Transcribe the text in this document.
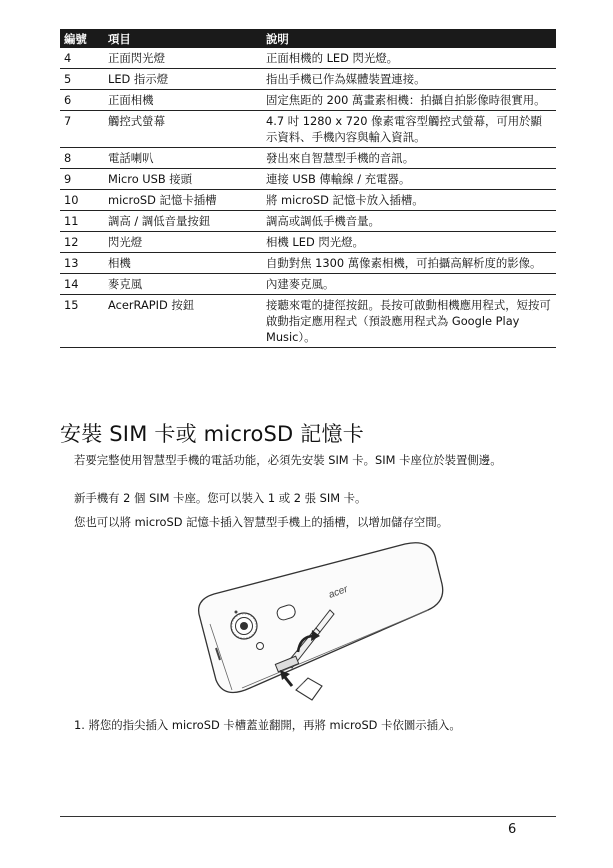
編號	項目	說明
4	正面閃光燈	正面相機的 LED 閃光燈。
5	LED 指示燈	指出手機已作為媒體裝置連接。
6	正面相機	固定焦距的 200 萬畫素相機：拍攝自拍影像時很實用。
7	觸控式螢幕	4.7 吋 1280 x 720 像素電容型觸控式螢幕，可用於顯示資料、手機內容與輸入資訊。
8	電話喇叭	發出來自智慧型手機的音訊。
9	Micro USB 接頭	連接 USB 傳輸線 / 充電器。
10	microSD 記憶卡插槽	將 microSD 記憶卡放入插槽。
11	調高 / 調低音量按鈕	調高或調低手機音量。
12	閃光燈	相機 LED 閃光燈。
13	相機	自動對焦 1300 萬像素相機，可拍攝高解析度的影像。
14	麥克風	內建麥克風。
15	AcerRAPID 按鈕	接聽來電的捷徑按鈕。長按可啟動相機應用程式，短按可啟動指定應用程式（預設應用程式為 Google Play Music）。
安裝 SIM 卡或 microSD 記憶卡

若要完整使用智慧型手機的電話功能，必須先安裝 SIM 卡。SIM 卡座位於裝置側邊。

新手機有 2 個 SIM 卡座。您可以裝入 1 或 2 張 SIM 卡。

您也可以將 microSD 記憶卡插入智慧型手機上的插槽，以增加儲存空間。

acer

1. 將您的指尖插入 microSD 卡槽蓋並翻開，再將 microSD 卡依圖示插入。

6
